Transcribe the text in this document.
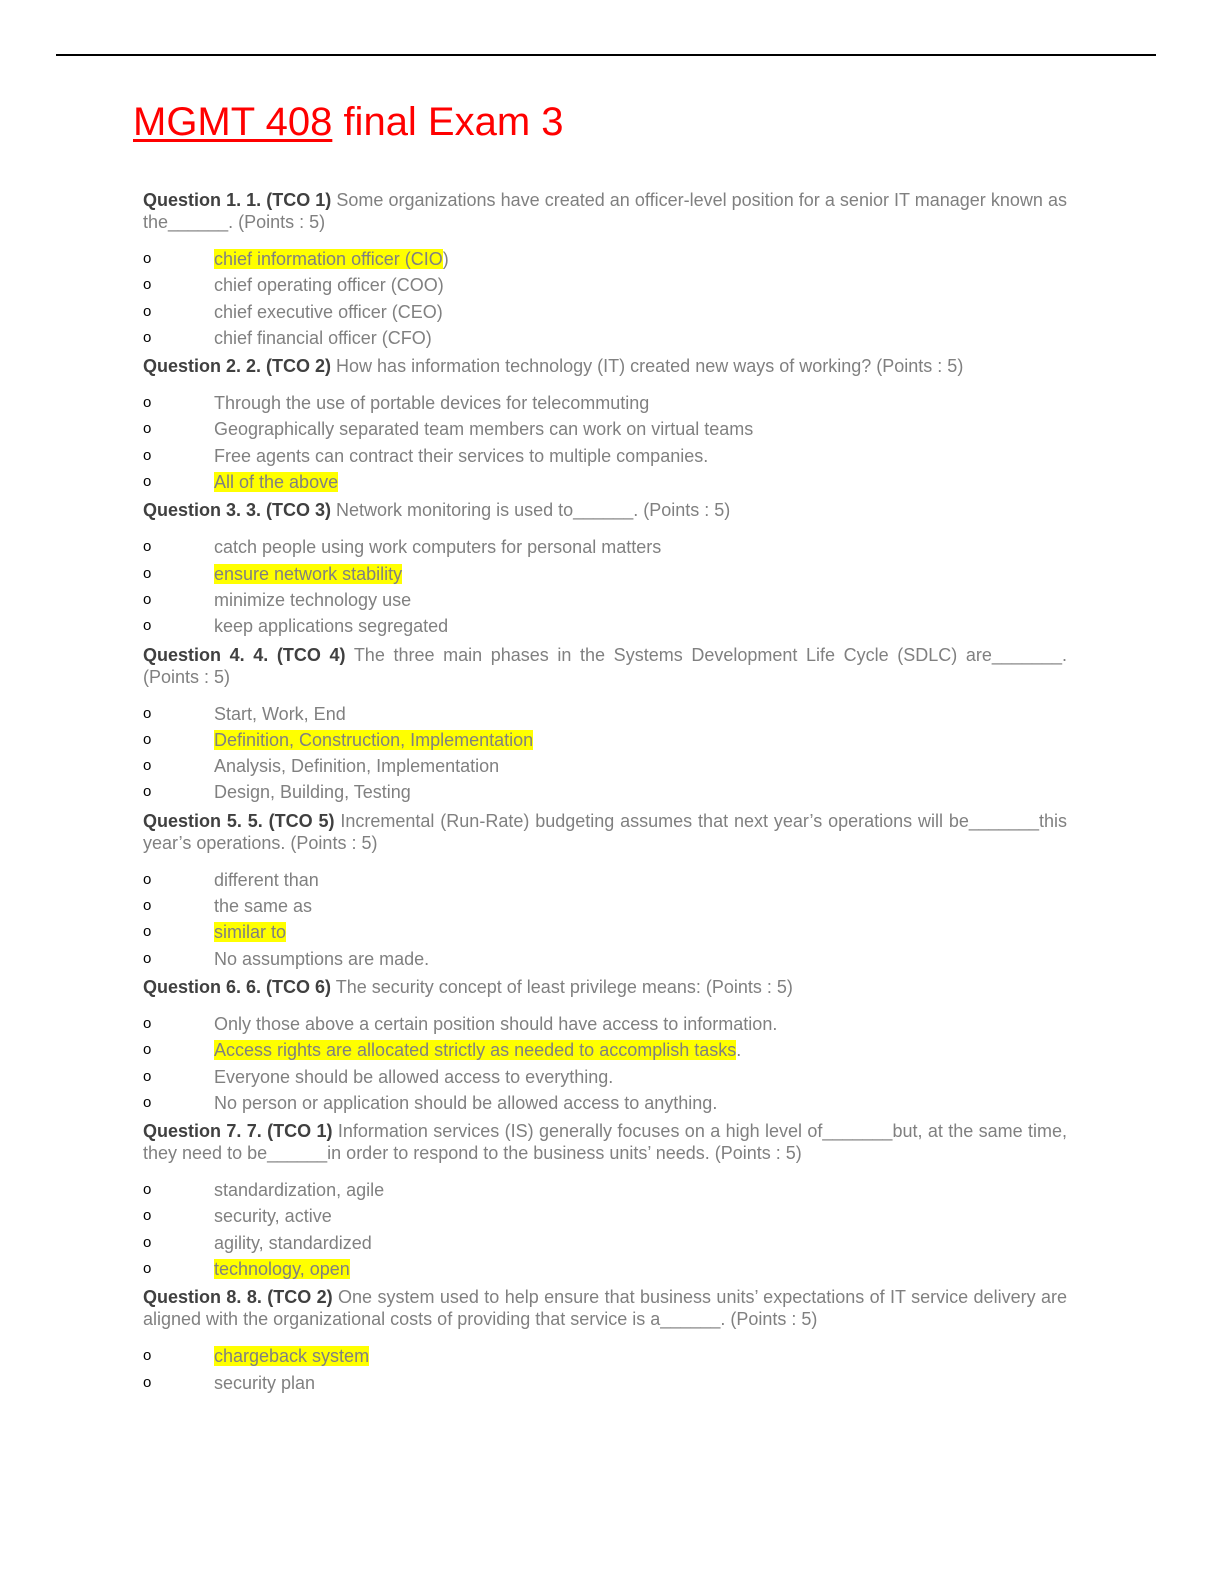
MGMT 408 final Exam 3
Question 1. 1. (TCO 1) Some organizations have created an officer-level position for a senior IT manager known as the______. (Points : 5)
o	chief information officer (CIO)
o	chief operating officer (COO)
o	chief executive officer (CEO)
o	chief financial officer (CFO)
Question 2. 2. (TCO 2) How has information technology (IT) created new ways of working? (Points : 5)
o	Through the use of portable devices for telecommuting
o	Geographically separated team members can work on virtual teams
o	Free agents can contract their services to multiple companies.
o	All of the above
Question 3. 3. (TCO 3) Network monitoring is used to______. (Points : 5)
o	catch people using work computers for personal matters
o	ensure network stability
o	minimize technology use
o	keep applications segregated
Question 4. 4. (TCO 4) The three main phases in the Systems Development Life Cycle (SDLC) are_______. (Points : 5)
o	Start, Work, End
o	Definition, Construction, Implementation
o	Analysis, Definition, Implementation
o	Design, Building, Testing
Question 5. 5. (TCO 5) Incremental (Run-Rate) budgeting assumes that next year’s operations will be_______this year’s operations. (Points : 5)
o	different than
o	the same as
o	similar to
o	No assumptions are made.
Question 6. 6. (TCO 6) The security concept of least privilege means: (Points : 5)
o	Only those above a certain position should have access to information.
o	Access rights are allocated strictly as needed to accomplish tasks.
o	Everyone should be allowed access to everything.
o	No person or application should be allowed access to anything.
Question 7. 7. (TCO 1) Information services (IS) generally focuses on a high level of_______but, at the same time, they need to be______in order to respond to the business units’ needs. (Points : 5)
o	standardization, agile
o	security, active
o	agility, standardized
o	technology, open
Question 8. 8. (TCO 2) One system used to help ensure that business units’ expectations of IT service delivery are aligned with the organizational costs of providing that service is a______. (Points : 5)
o	chargeback system
o	security plan
